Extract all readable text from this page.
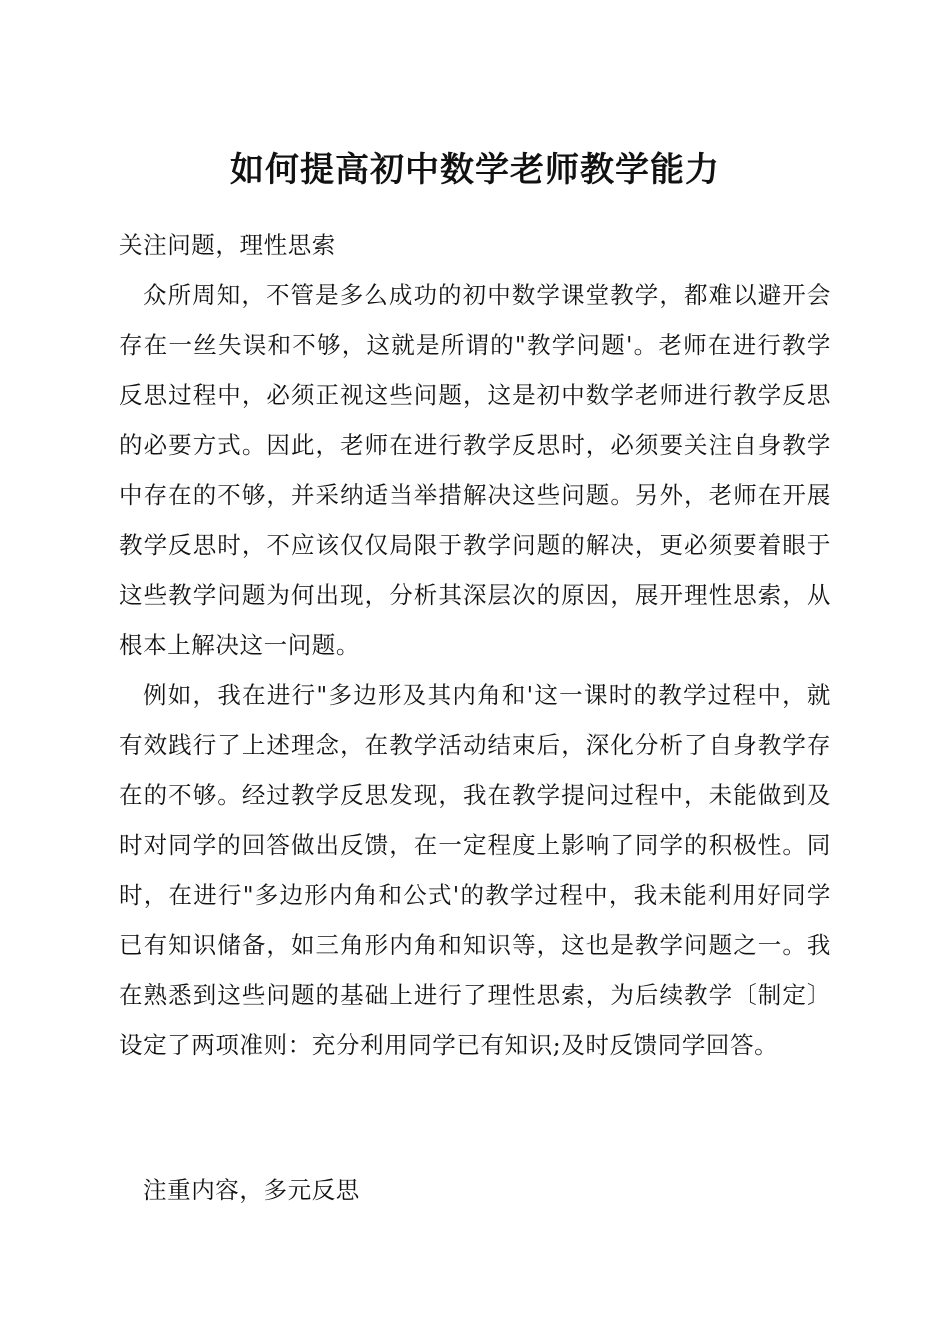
如何提高初中数学老师教学能力

关注问题，理性思索

众所周知，不管是多么成功的初中数学课堂教学，都难以避开会存在一丝失误和不够，这就是所谓的"教学问题'。老师在进行教学反思过程中，必须正视这些问题，这是初中数学老师进行教学反思的必要方式。因此，老师在进行教学反思时，必须要关注自身教学中存在的不够，并采纳适当举措解决这些问题。另外，老师在开展教学反思时，不应该仅仅局限于教学问题的解决，更必须要着眼于这些教学问题为何出现，分析其深层次的原因，展开理性思索，从根本上解决这一问题。

例如，我在进行"多边形及其内角和'这一课时的教学过程中，就有效践行了上述理念，在教学活动结束后，深化分析了自身教学存在的不够。经过教学反思发现，我在教学提问过程中，未能做到及时对同学的回答做出反馈，在一定程度上影响了同学的积极性。同时，在进行"多边形内角和公式'的教学过程中，我未能利用好同学已有知识储备，如三角形内角和知识等，这也是教学问题之一。我在熟悉到这些问题的基础上进行了理性思索，为后续教学〔制定〕设定了两项准则：充分利用同学已有知识;及时反馈同学回答。

注重内容，多元反思
